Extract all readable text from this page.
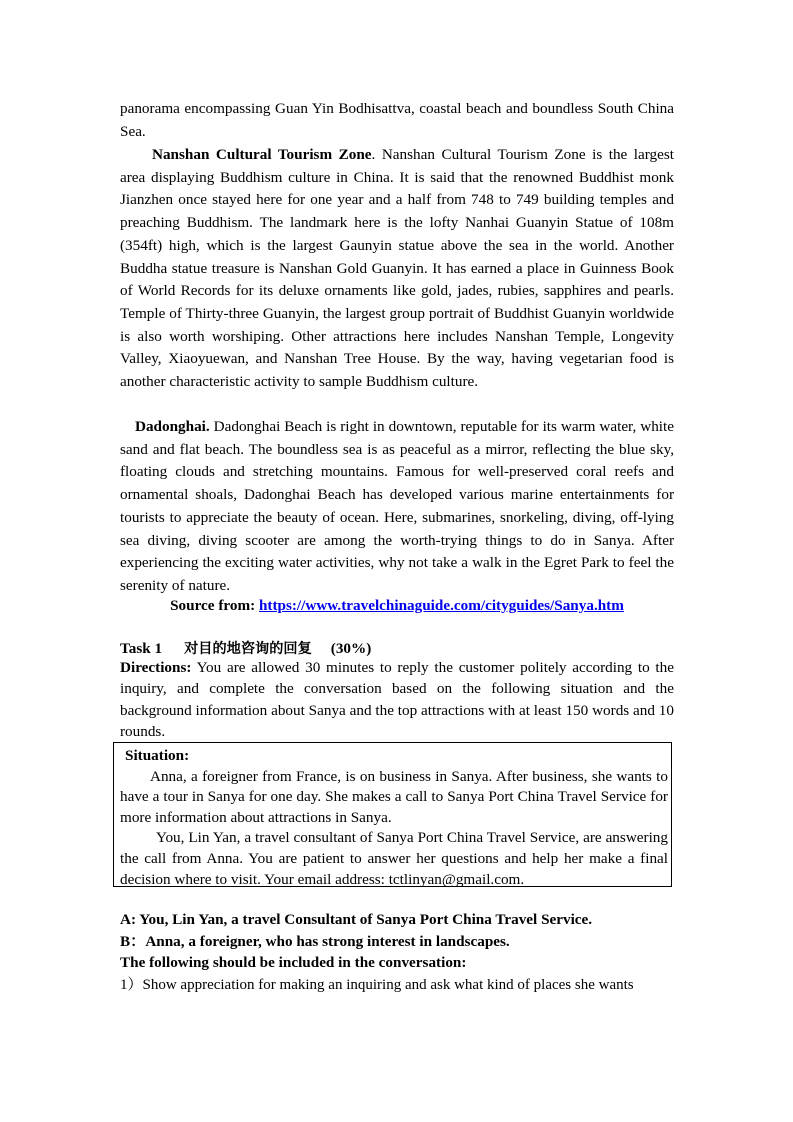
panorama encompassing Guan Yin Bodhisattva, coastal beach and boundless South China Sea.
Nanshan Cultural Tourism Zone. Nanshan Cultural Tourism Zone is the largest area displaying Buddhism culture in China. It is said that the renowned Buddhist monk Jianzhen once stayed here for one year and a half from 748 to 749 building temples and preaching Buddhism. The landmark here is the lofty Nanhai Guanyin Statue of 108m (354ft) high, which is the largest Gaunyin statue above the sea in the world. Another Buddha statue treasure is Nanshan Gold Guanyin. It has earned a place in Guinness Book of World Records for its deluxe ornaments like gold, jades, rubies, sapphires and pearls. Temple of Thirty-three Guanyin, the largest group portrait of Buddhist Guanyin worldwide is also worth worshiping. Other attractions here includes Nanshan Temple, Longevity Valley, Xiaoyuewan, and Nanshan Tree House. By the way, having vegetarian food is another characteristic activity to sample Buddhism culture.
Dadonghai. Dadonghai Beach is right in downtown, reputable for its warm water, white sand and flat beach. The boundless sea is as peaceful as a mirror, reflecting the blue sky, floating clouds and stretching mountains. Famous for well-preserved coral reefs and ornamental shoals, Dadonghai Beach has developed various marine entertainments for tourists to appreciate the beauty of ocean. Here, submarines, snorkeling, diving, off-lying sea diving, diving scooter are among the worth-trying things to do in Sanya. After experiencing the exciting water activities, why not take a walk in the Egret Park to feel the serenity of nature.
Source from: https://www.travelchinaguide.com/cityguides/Sanya.htm
Task 1 对目的地咨询的回复 (30%)
Directions: You are allowed 30 minutes to reply the customer politely according to the inquiry, and complete the conversation based on the following situation and the background information about Sanya and the top attractions with at least 150 words and 10 rounds.
Situation:
Anna, a foreigner from France, is on business in Sanya. After business, she wants to have a tour in Sanya for one day. She makes a call to Sanya Port China Travel Service for more information about attractions in Sanya.
You, Lin Yan, a travel consultant of Sanya Port China Travel Service, are answering the call from Anna. You are patient to answer her questions and help her make a final decision where to visit. Your email address: tctlinyan@gmail.com.
A: You, Lin Yan, a travel Consultant of Sanya Port China Travel Service.
B：Anna, a foreigner, who has strong interest in landscapes.
The following should be included in the conversation:
1）Show appreciation for making an inquiring and ask what kind of places she wants
